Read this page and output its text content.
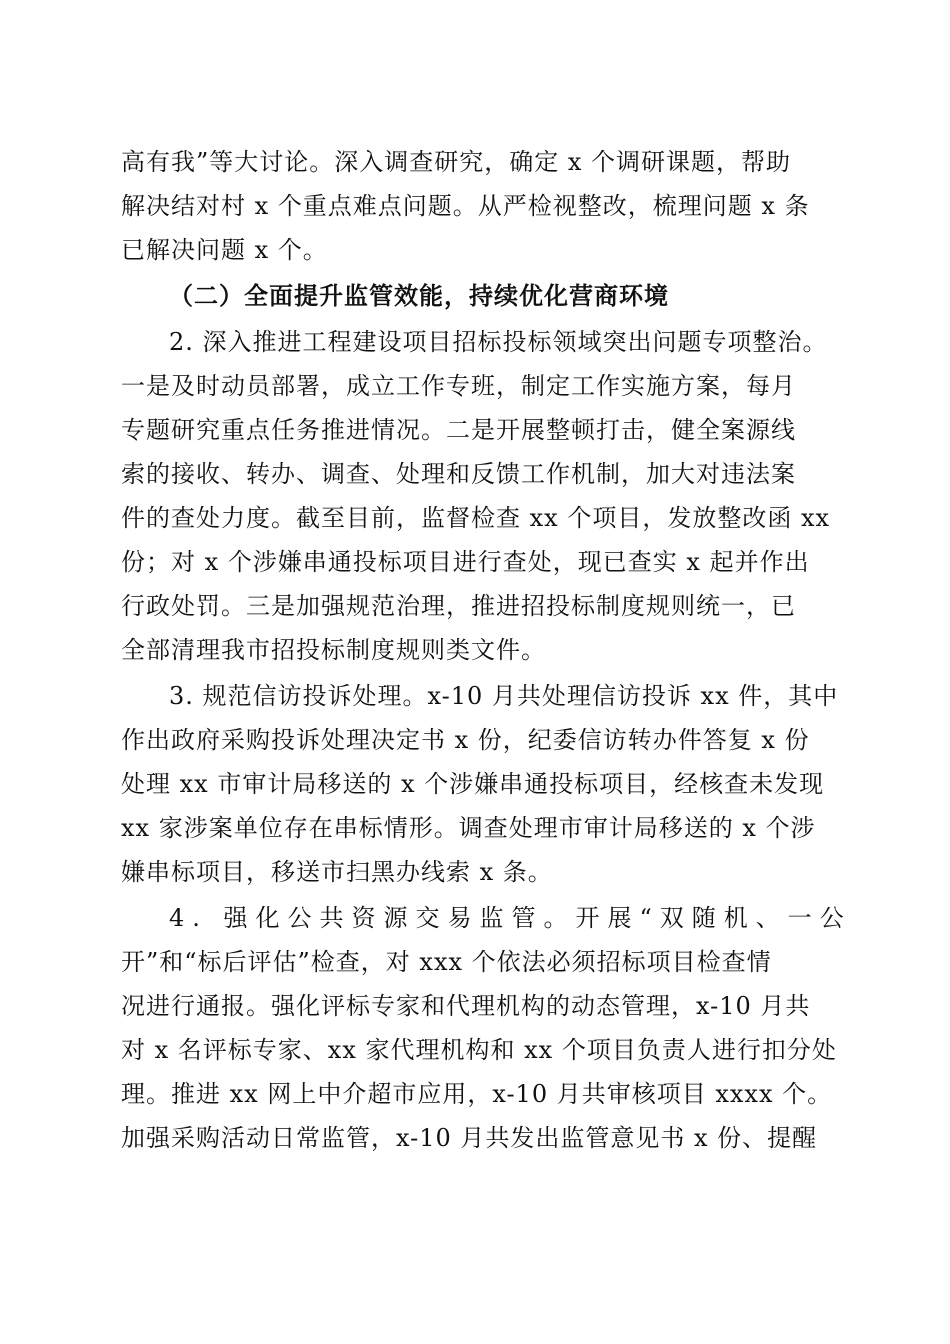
高有我”等大讨论。深入调查研究，确定 x 个调研课题，帮助
解决结对村 x 个重点难点问题。从严检视整改，梳理问题 x 条
已解决问题 x 个。
（二）全面提升监管效能，持续优化营商环境
2. 深入推进工程建设项目招标投标领域突出问题专项整治。
一是及时动员部署，成立工作专班，制定工作实施方案，每月
专题研究重点任务推进情况。二是开展整顿打击，健全案源线
索的接收、转办、调查、处理和反馈工作机制，加大对违法案
件的查处力度。截至目前，监督检查 xx 个项目，发放整改函 xx
份；对 x 个涉嫌串通投标项目进行查处，现已查实 x 起并作出
行政处罚。三是加强规范治理，推进招投标制度规则统一，已
全部清理我市招投标制度规则类文件。
3. 规范信访投诉处理。x-10 月共处理信访投诉 xx 件，其中
作出政府采购投诉处理决定书 x 份，纪委信访转办件答复 x 份
处理 xx 市审计局移送的 x 个涉嫌串通投标项目，经核查未发现
xx 家涉案单位存在串标情形。调查处理市审计局移送的 x 个涉
嫌串标项目，移送市扫黑办线索 x 条。
4. 强化公共资源交易监管。开展“双随机、一公
开”和“标后评估”检查，对 xxx 个依法必须招标项目检查情
况进行通报。强化评标专家和代理机构的动态管理，x-10 月共
对 x 名评标专家、xx 家代理机构和 xx 个项目负责人进行扣分处
理。推进 xx 网上中介超市应用，x-10 月共审核项目 xxxx 个。
加强采购活动日常监管，x-10 月共发出监管意见书 x 份、提醒
